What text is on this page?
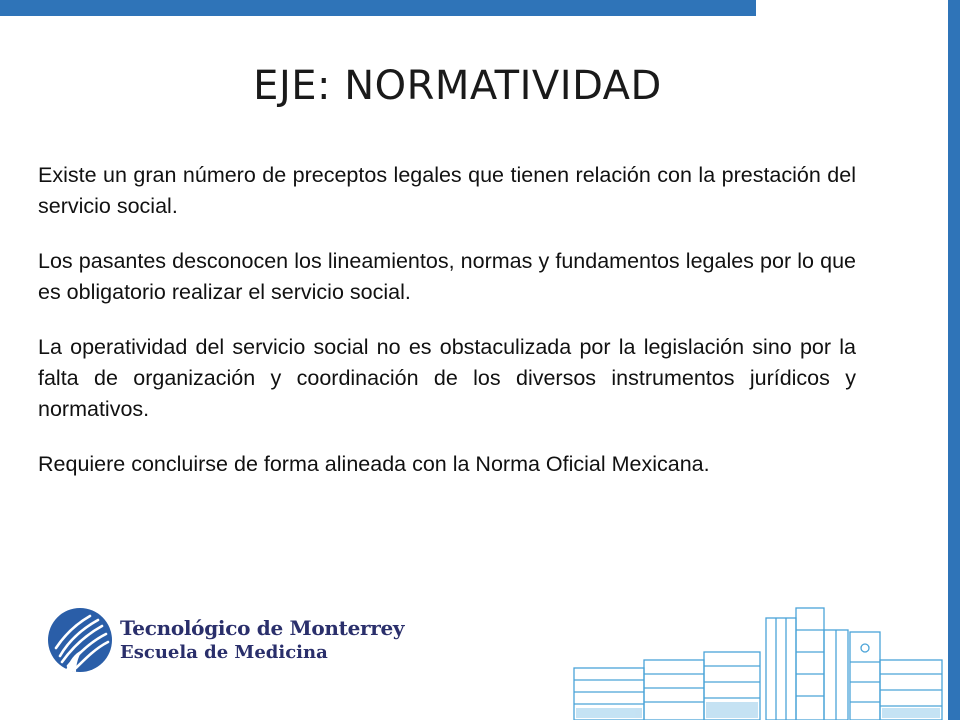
EJE: NORMATIVIDAD

Existe un gran número de preceptos legales que tienen relación con la prestación del servicio social.

Los pasantes desconocen los lineamientos, normas y fundamentos legales por lo que es obligatorio realizar el servicio social.

La operatividad del servicio social no es obstaculizada por la legislación sino por la falta de organización y coordinación de los diversos instrumentos jurídicos y normativos.

Requiere concluirse de forma alineada con la Norma Oficial Mexicana.

Tecnológico de Monterrey
Escuela de Medicina
